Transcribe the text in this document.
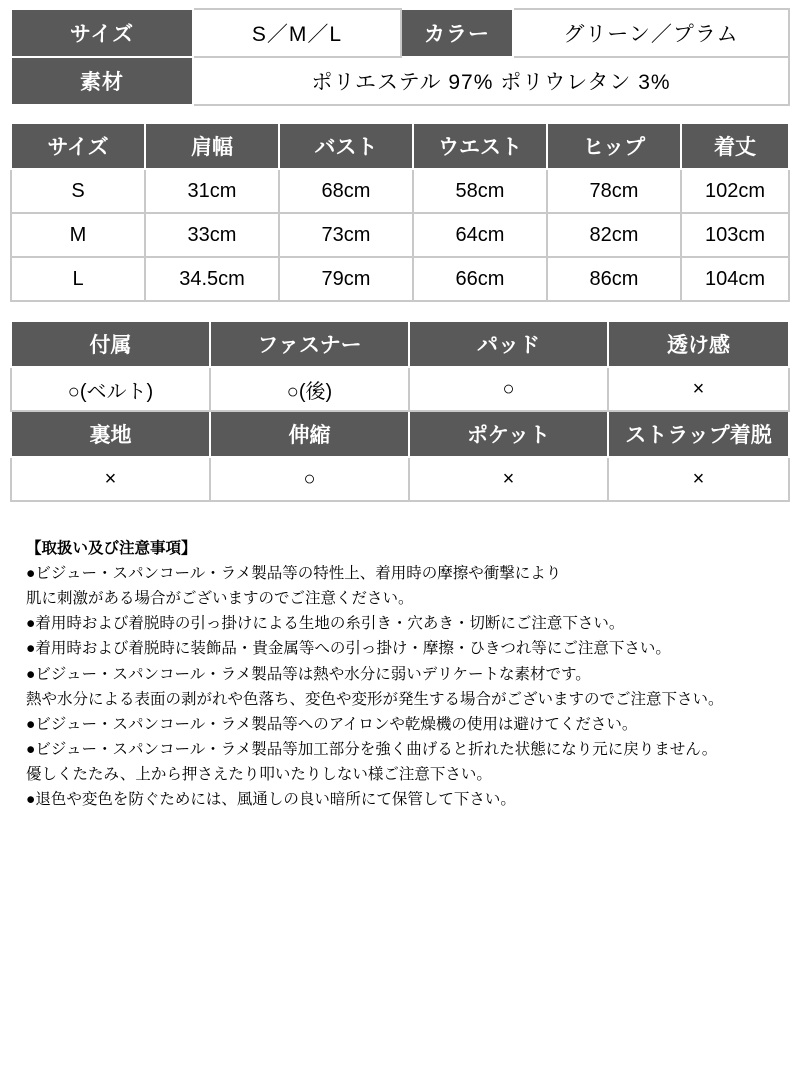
サイズ	S／M／L	カラー	グリーン／プラム
素材	ポリエステル 97% ポリウレタン 3%		
サイズ	肩幅	バスト	ウエスト	ヒップ	着丈
S	31cm	68cm	58cm	78cm	102cm
M	33cm	73cm	64cm	82cm	103cm
L	34.5cm	79cm	66cm	86cm	104cm
付属	ファスナー	パッド	透け感
○(ベルト)	○(後)	○	×
裏地	伸縮	ポケット	ストラップ着脱
×	○	×	×

【取扱い及び注意事項】

●ビジュー・スパンコール・ラメ製品等の特性上、着用時の摩擦や衝撃により

肌に刺激がある場合がございますのでご注意ください。

●着用時および着脱時の引っ掛けによる生地の糸引き・穴あき・切断にご注意下さい。

●着用時および着脱時に装飾品・貴金属等への引っ掛け・摩擦・ひきつれ等にご注意下さい。

●ビジュー・スパンコール・ラメ製品等は熱や水分に弱いデリケートな素材です。

熱や水分による表面の剥がれや色落ち、変色や変形が発生する場合がございますのでご注意下さい。

●ビジュー・スパンコール・ラメ製品等へのアイロンや乾燥機の使用は避けてください。

●ビジュー・スパンコール・ラメ製品等加工部分を強く曲げると折れた状態になり元に戻りません。

優しくたたみ、上から押さえたり叩いたりしない様ご注意下さい。

●退色や変色を防ぐためには、風通しの良い暗所にて保管して下さい。
